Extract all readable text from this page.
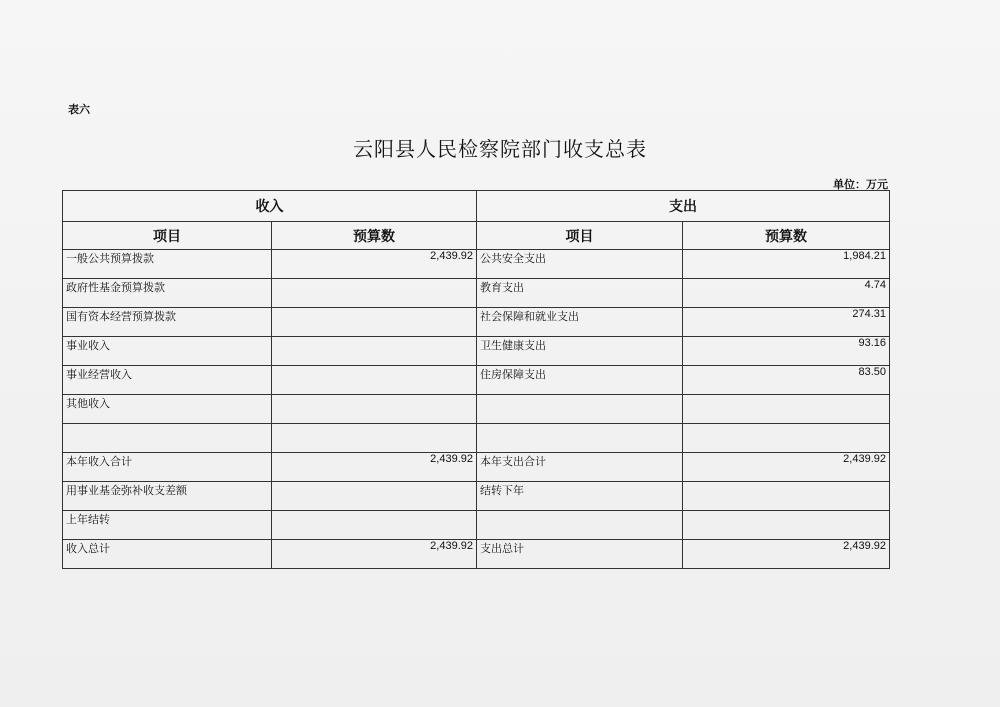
表六
云阳县人民检察院部门收支总表
单位：万元
收入		支出	
项目	预算数	项目	预算数
一般公共预算拨款	2,439.92	公共安全支出	1,984.21
政府性基金预算拨款		教育支出	4.74
国有资本经营预算拨款		社会保障和就业支出	274.31
事业收入		卫生健康支出	93.16
事业经营收入		住房保障支出	83.50
其他收入			

本年收入合计	2,439.92	本年支出合计	2,439.92
用事业基金弥补收支差额		结转下年	
上年结转			
收入总计	2,439.92	支出总计	2,439.92
